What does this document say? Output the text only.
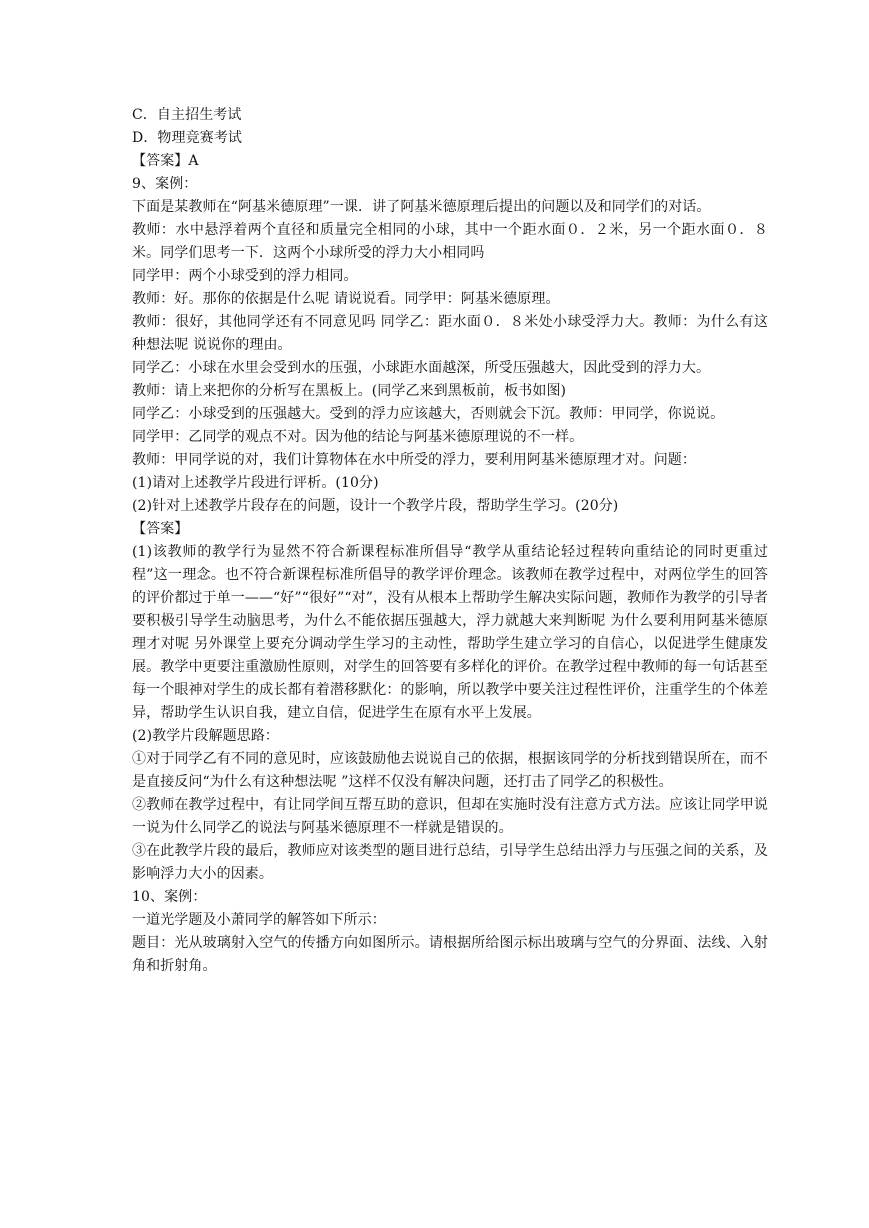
C．自主招生考试

D．物理竞赛考试

【答案】A

9、案例：

下面是某教师在“阿基米德原理”一课．讲了阿基米德原理后提出的问题以及和同学们的对话。

教师：水中悬浮着两个直径和质量完全相同的小球，其中一个距水面０．２米，另一个距水面０．８米。同学们思考一下．这两个小球所受的浮力大小相同吗

同学甲：两个小球受到的浮力相同。

教师：好。那你的依据是什么呢 请说说看。同学甲：阿基米德原理。

教师：很好，其他同学还有不同意见吗 同学乙：距水面０．８米处小球受浮力大。教师：为什么有这种想法呢 说说你的理由。

同学乙：小球在水里会受到水的压强，小球距水面越深，所受压强越大，因此受到的浮力大。

教师：请上来把你的分析写在黑板上。(同学乙来到黑板前，板书如图)

同学乙：小球受到的压强越大。受到的浮力应该越大，否则就会下沉。教师：甲同学，你说说。

同学甲：乙同学的观点不对。因为他的结论与阿基米德原理说的不一样。

教师：甲同学说的对，我们计算物体在水中所受的浮力，要利用阿基米德原理才对。问题：

(1)请对上述教学片段进行评析。(10分)

(2)针对上述教学片段存在的问题，设计一个教学片段，帮助学生学习。(20分)

【答案】

(1)该教师的教学行为显然不符合新课程标准所倡导“教学从重结论轻过程转向重结论的同时更重过程”这一理念。也不符合新课程标准所倡导的教学评价理念。该教师在教学过程中，对两位学生的回答的评价都过于单一——“好”“很好”“对”，没有从根本上帮助学生解决实际问题，教师作为教学的引导者要积极引导学生动脑思考，为什么不能依据压强越大，浮力就越大来判断呢 为什么要利用阿基米德原理才对呢 另外课堂上要充分调动学生学习的主动性，帮助学生建立学习的自信心，以促进学生健康发展。教学中更要注重激励性原则，对学生的回答要有多样化的评价。在教学过程中教师的每一句话甚至每一个眼神对学生的成长都有着潜移默化：的影响，所以教学中要关注过程性评价，注重学生的个体差异，帮助学生认识自我，建立自信，促进学生在原有水平上发展。

(2)教学片段解题思路：

①对于同学乙有不同的意见时，应该鼓励他去说说自己的依据，根据该同学的分析找到错误所在，而不是直接反问“为什么有这种想法呢 ”这样不仅没有解决问题，还打击了同学乙的积极性。

②教师在教学过程中，有让同学间互帮互助的意识，但却在实施时没有注意方式方法。应该让同学甲说一说为什么同学乙的说法与阿基米德原理不一样就是错误的。

③在此教学片段的最后，教师应对该类型的题目进行总结，引导学生总结出浮力与压强之间的关系，及影响浮力大小的因素。

10、案例：

一道光学题及小萧同学的解答如下所示：

题目：光从玻璃射入空气的传播方向如图所示。请根据所给图示标出玻璃与空气的分界面、法线、入射角和折射角。
